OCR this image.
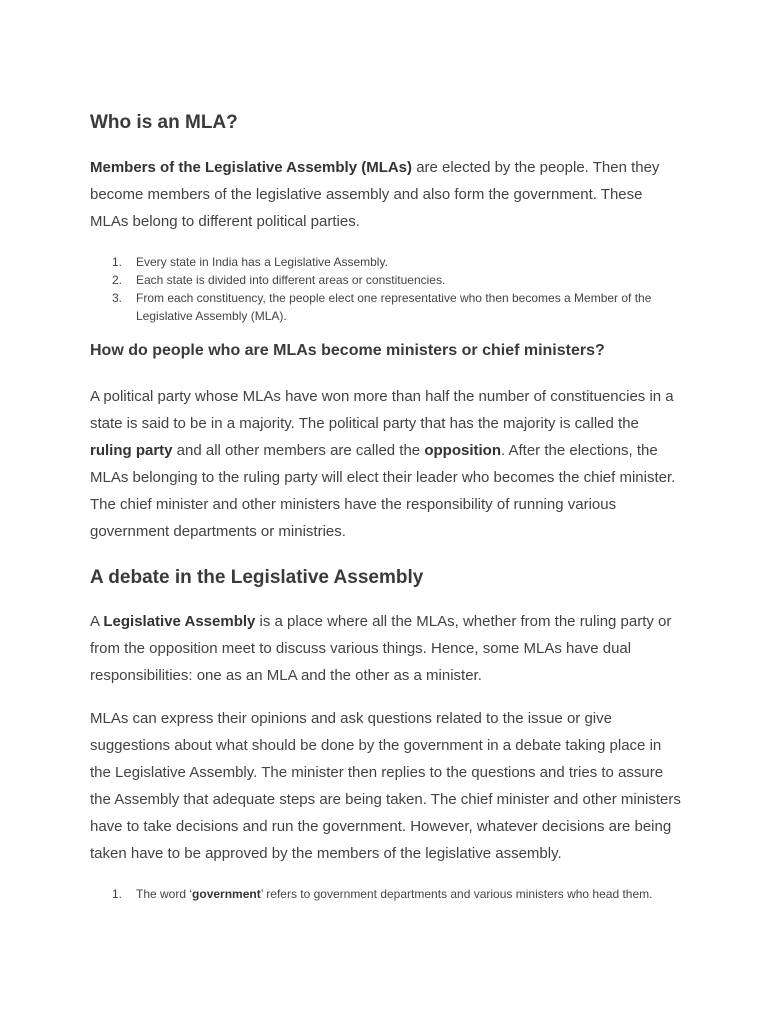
Who is an MLA?

Members of the Legislative Assembly (MLAs) are elected by the people. Then they become members of the legislative assembly and also form the government. These MLAs belong to different political parties.

1. Every state in India has a Legislative Assembly.
2. Each state is divided into different areas or constituencies.
3. From each constituency, the people elect one representative who then becomes a Member of the Legislative Assembly (MLA).
How do people who are MLAs become ministers or chief ministers?

A political party whose MLAs have won more than half the number of constituencies in a state is said to be in a majority. The political party that has the majority is called the ruling party and all other members are called the opposition. After the elections, the MLAs belonging to the ruling party will elect their leader who becomes the chief minister. The chief minister and other ministers have the responsibility of running various government departments or ministries.

A debate in the Legislative Assembly

A Legislative Assembly is a place where all the MLAs, whether from the ruling party or from the opposition meet to discuss various things. Hence, some MLAs have dual responsibilities: one as an MLA and the other as a minister.

MLAs can express their opinions and ask questions related to the issue or give suggestions about what should be done by the government in a debate taking place in the Legislative Assembly. The minister then replies to the questions and tries to assure the Assembly that adequate steps are being taken. The chief minister and other ministers have to take decisions and run the government. However, whatever decisions are being taken have to be approved by the members of the legislative assembly.

1. The word ‘government’ refers to government departments and various ministers who head them.
